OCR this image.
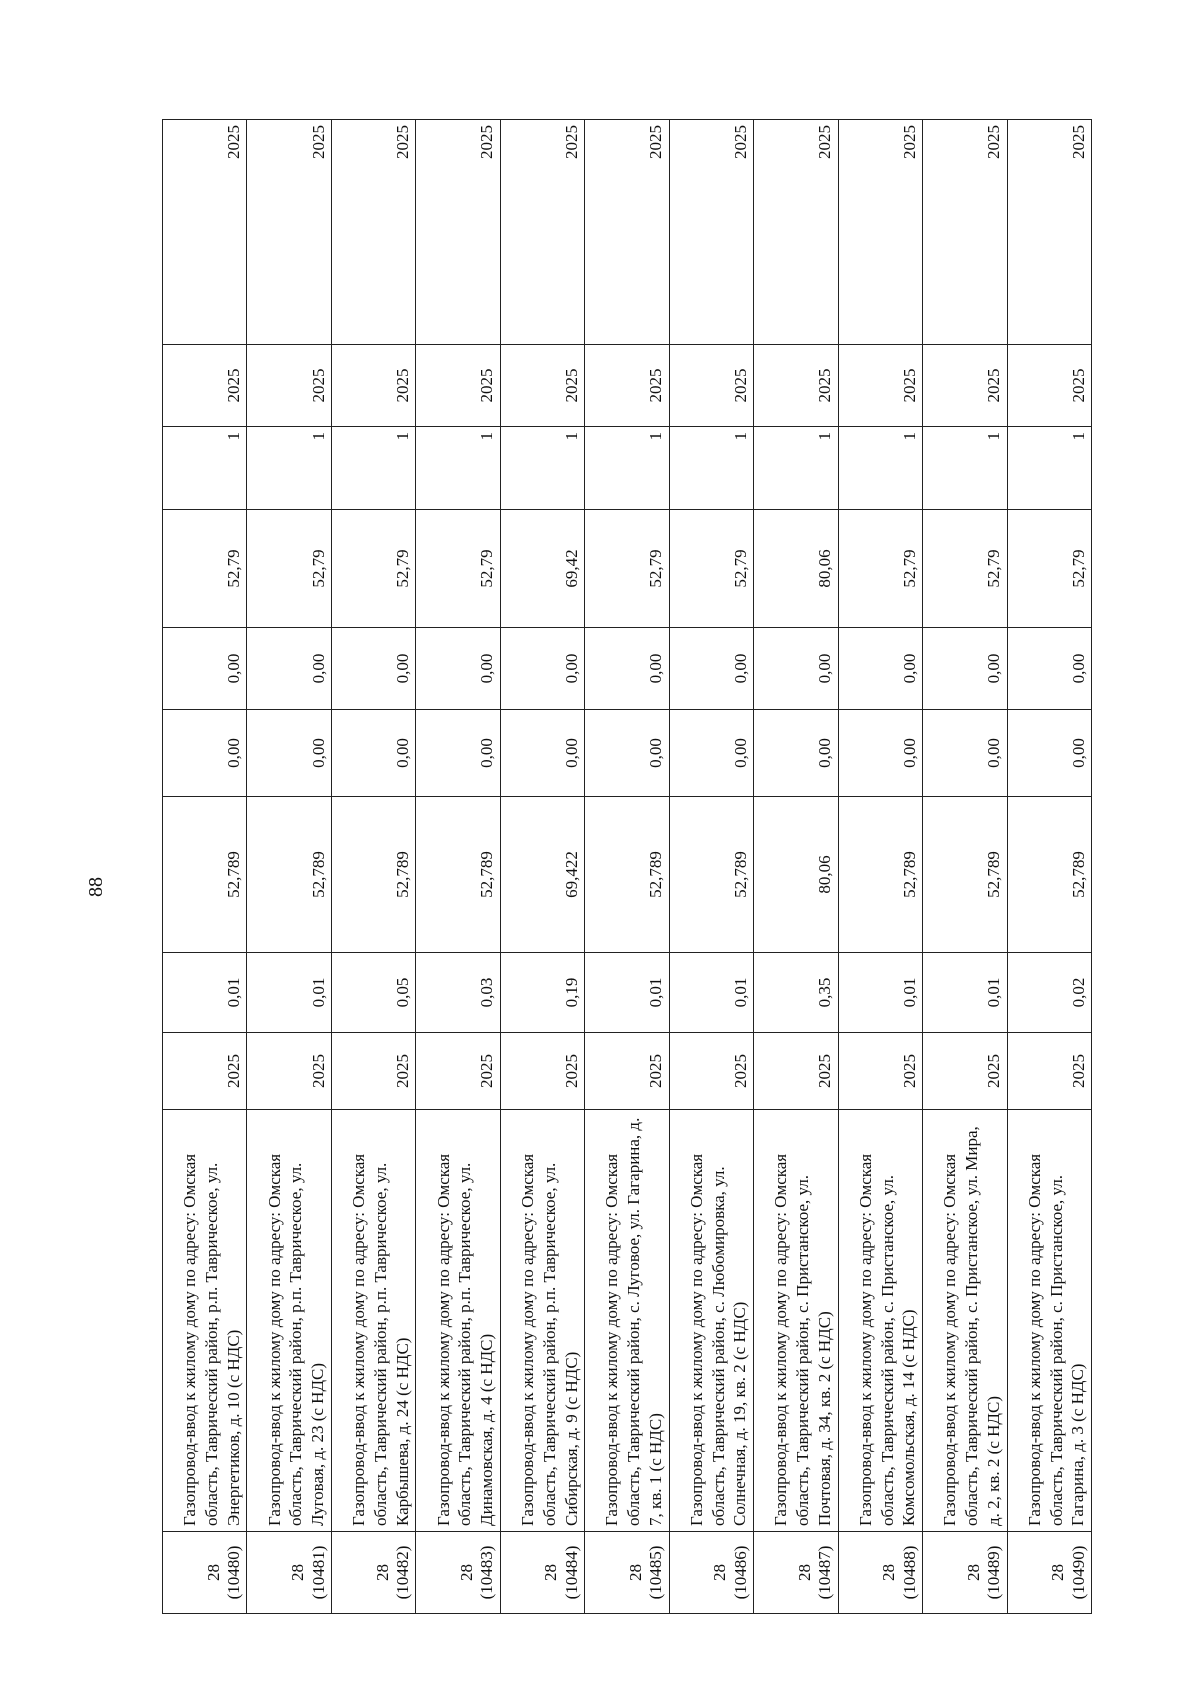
88
28 (10480)	Газопровод-ввод к жилому дому по адресу: Омская область, Таврический район, р.п. Таврическое, ул. Энергетиков, д. 10 (с НДС)	2025	0,01	52,789	0,00	0,00	52,79	1	2025	2025

28 (10481)	Газопровод-ввод к жилому дому по адресу: Омская область, Таврический район, р.п. Таврическое, ул. Луговая, д. 23 (с НДС)	2025	0,01	52,789	0,00	0,00	52,79	1	2025	2025

28 (10482)	Газопровод-ввод к жилому дому по адресу: Омская область, Таврический район, р.п. Таврическое, ул. Карбышева, д. 24 (с НДС)	2025	0,05	52,789	0,00	0,00	52,79	1	2025	2025

28 (10483)	Газопровод-ввод к жилому дому по адресу: Омская область, Таврический район, р.п. Таврическое, ул. Динамовская, д. 4 (с НДС)	2025	0,03	52,789	0,00	0,00	52,79	1	2025	2025

28 (10484)	Газопровод-ввод к жилому дому по адресу: Омская область, Таврический район, р.п. Таврическое, ул. Сибирская, д. 9 (с НДС)	2025	0,19	69,422	0,00	0,00	69,42	1	2025	2025

28 (10485)	Газопровод-ввод к жилому дому по адресу: Омская область, Таврический район, с. Луговое, ул. Гагарина, д. 7, кв. 1 (с НДС)	2025	0,01	52,789	0,00	0,00	52,79	1	2025	2025

28 (10486)	Газопровод-ввод к жилому дому по адресу: Омская область, Таврический район, с. Любомировка, ул. Солнечная, д. 19, кв. 2 (с НДС)	2025	0,01	52,789	0,00	0,00	52,79	1	2025	2025

28 (10487)	Газопровод-ввод к жилому дому по адресу: Омская область, Таврический район, с. Пристанское, ул. Почтовая, д. 34, кв. 2 (с НДС)	2025	0,35	80,06	0,00	0,00	80,06	1	2025	2025

28 (10488)	Газопровод-ввод к жилому дому по адресу: Омская область, Таврический район, с. Пристанское, ул. Комсомольская, д. 14 (с НДС)	2025	0,01	52,789	0,00	0,00	52,79	1	2025	2025

28 (10489)	Газопровод-ввод к жилому дому по адресу: Омская область, Таврический район, с. Пристанское, ул. Мира, д. 2, кв. 2 (с НДС)	2025	0,01	52,789	0,00	0,00	52,79	1	2025	2025

28 (10490)	Газопровод-ввод к жилому дому по адресу: Омская область, Таврический район, с. Пристанское, ул. Гагарина, д. 3 (с НДС)	2025	0,02	52,789	0,00	0,00	52,79	1	2025	2025
